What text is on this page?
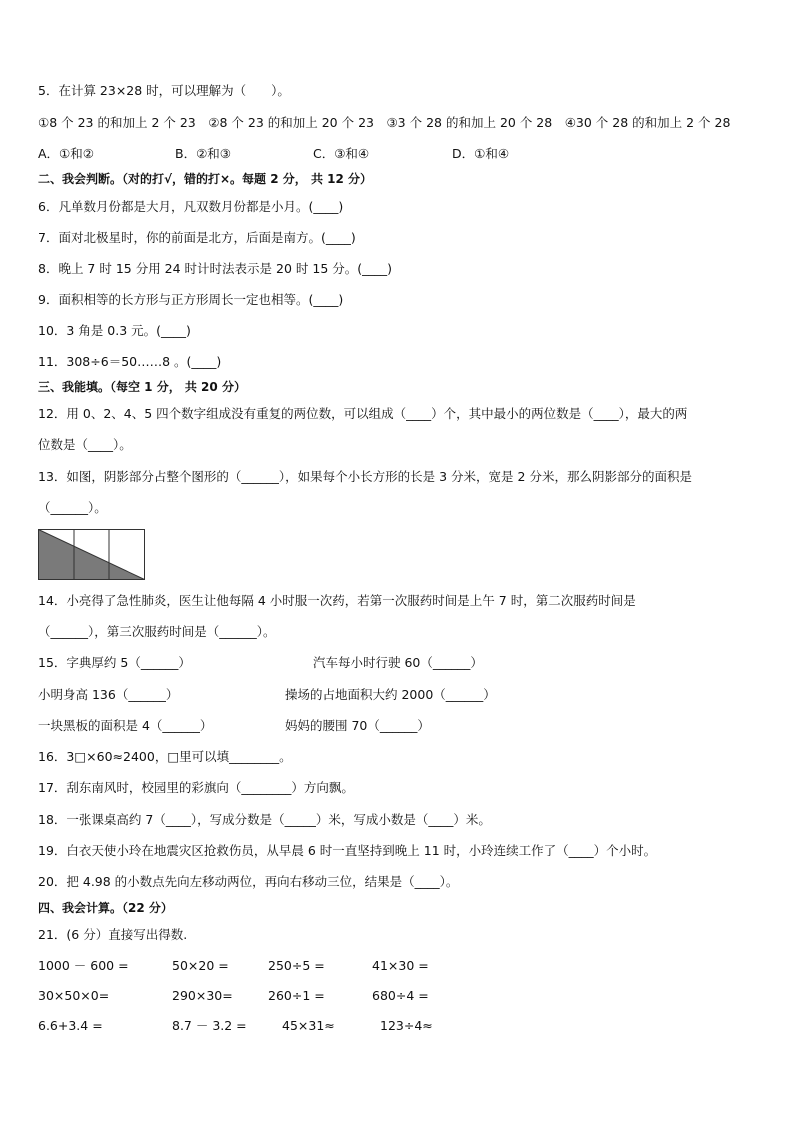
5．在计算 23×28 时，可以理解为（　　）。
①8 个 23 的和加上 2 个 23　②8 个 23 的和加上 20 个 23　③3 个 28 的和加上 20 个 28　④30 个 28 的和加上 2 个 28
A．①和②	B．②和③	C．③和④	D．①和④
二、我会判断。（对的打√，错的打×。每题 2 分， 共 12 分）
6．凡单数月份都是大月，凡双数月份都是小月。(____)
7．面对北极星时，你的前面是北方，后面是南方。(____)
8．晚上 7 时 15 分用 24 时计时法表示是 20 时 15 分。(____)
9．面积相等的长方形与正方形周长一定也相等。(____)
10．3 角是 0.3 元。(____)
11．308÷6＝50……8 。(____)
三、我能填。（每空 1 分， 共 20 分）
12．用 0、2、4、5 四个数字组成没有重复的两位数，可以组成（____）个，其中最小的两位数是（____），最大的两
位数是（____）。
13．如图，阴影部分占整个图形的（______），如果每个小长方形的长是 3 分米，宽是 2 分米，那么阴影部分的面积是
（______）。
14．小亮得了急性肺炎，医生让他每隔 4 小时服一次药，若第一次服药时间是上午 7 时，第二次服药时间是
（______），第三次服药时间是（______）。
15．字典厚约 5（______）	汽车每小时行驶 60（______）
小明身高 136（______）	操场的占地面积大约 2000（______）
一块黑板的面积是 4（______）	妈妈的腰围 70（______）
16．3□×60≈2400，□里可以填________。
17．刮东南风时，校园里的彩旗向（________）方向飘。
18．一张课桌高约 7（____），写成分数是（_____）米，写成小数是（____）米。
19．白衣天使小玲在地震灾区抢救伤员，从早晨 6 时一直坚持到晚上 11 时，小玲连续工作了（____）个小时。
20．把 4.98 的小数点先向左移动两位，再向右移动三位，结果是（____）。
四、我会计算。（22 分）
21．(6 分）直接写出得数.
1000 － 600 =	50×20 =	250÷5 =	41×30 =
30×50×0=	290×30=	260÷1 =	680÷4 =
6.6+3.4 =	8.7 － 3.2 =	45×31≈	123÷4≈
